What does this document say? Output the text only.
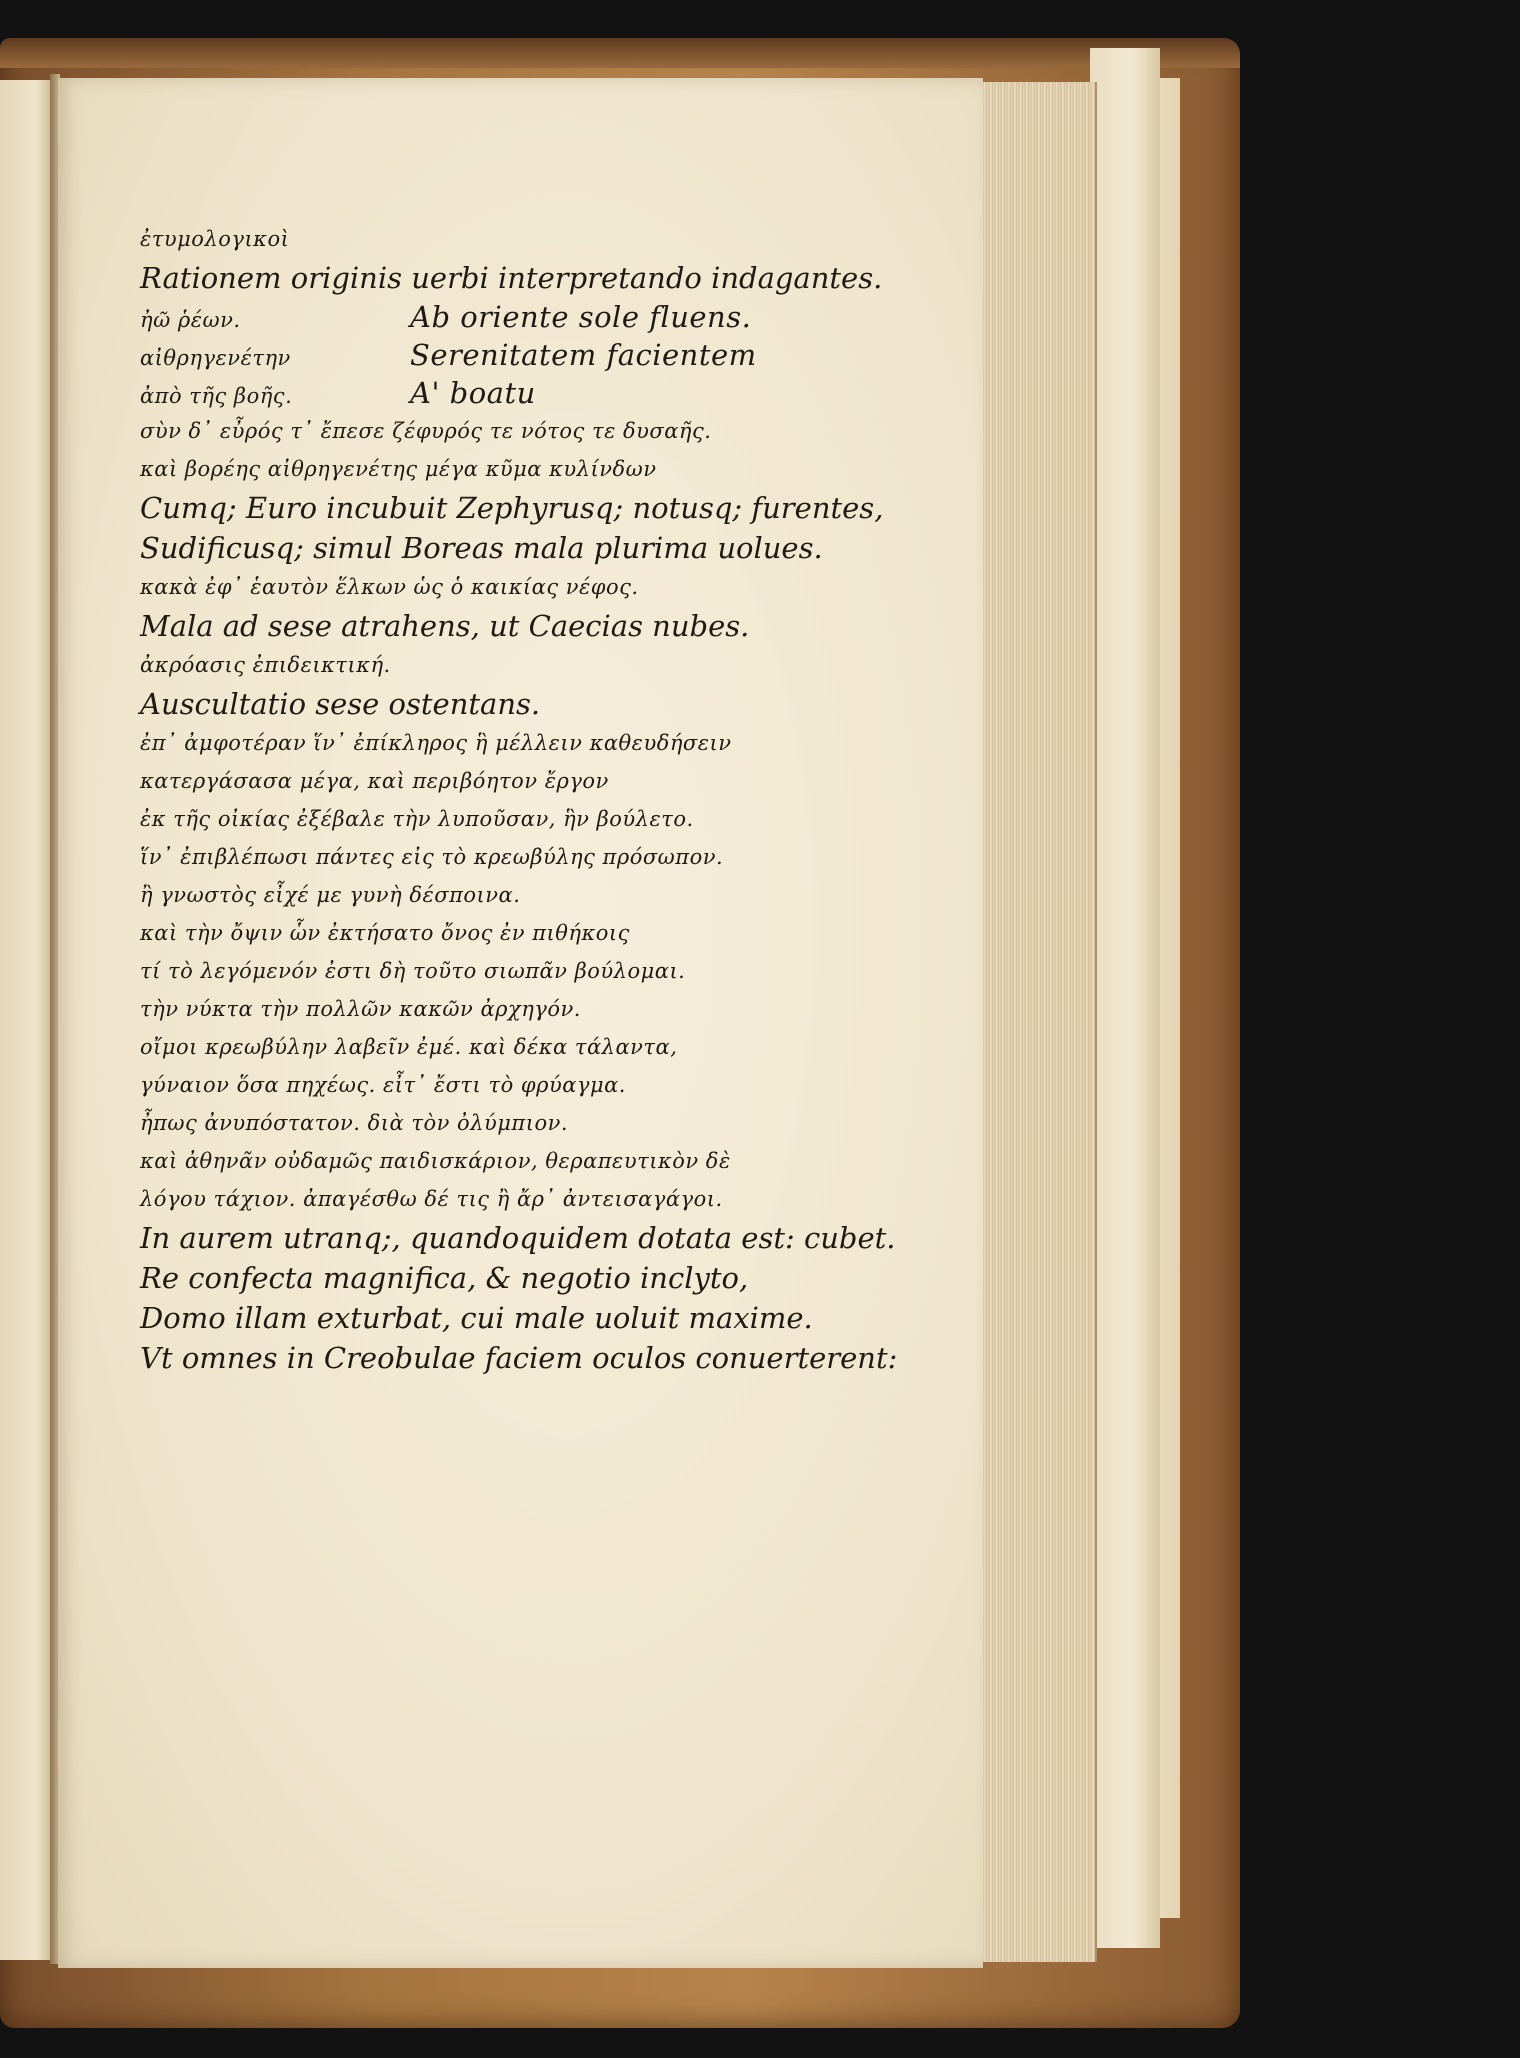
ἐτυμολογικοὶ
Rationem originis uerbi interpretando indagantes.
ἠῶ ῥέων.	Ab oriente sole fluens.
αἰθρηγενέτην	Serenitatem facientem
ἀπὸ τῆς βοῆς.	A' boatu
σὺν δ᾽ εὖρός τ᾽ ἔπεσε ζέφυρός τε νότος τε δυσαῆς.
καὶ βορέης αἰθρηγενέτης μέγα κῦμα κυλίνδων
Cumq; Euro incubuit Zephyrusq; notusq; furentes,
Sudificusq; simul Boreas mala plurima uolues.
κακὰ ἐφ᾽ ἑαυτὸν ἕλκων ὡς ὁ καικίας νέφος.
Mala ad sese atrahens, ut Caecias nubes.
ἀκρόασις ἐπιδεικτική.
Auscultatio sese ostentans.
ἐπ᾽ ἀμφοτέραν ἵν᾽ ἐπίκληρος ἣ μέλλειν καθευδήσειν
κατεργάσασα μέγα, καὶ περιβόητον ἔργον
ἐκ τῆς οἰκίας ἐξέβαλε τὴν λυποῦσαν, ἣν βούλετο.
ἵν᾽ ἐπιβλέπωσι πάντες εἰς τὸ κρεωβύλης πρόσωπον.
ἢ γνωστὸς εἶχέ με γυνὴ δέσποινα.
καὶ τὴν ὄψιν ὧν ἐκτήσατο ὄνος ἐν πιθήκοις
τί τὸ λεγόμενόν ἐστι δὴ τοῦτο σιωπᾶν βούλομαι.
τὴν νύκτα τὴν πολλῶν κακῶν ἀρχηγόν.
οἴμοι κρεωβύλην λαβεῖν ἐμέ. καὶ δέκα τάλαντα,
γύναιον ὅσα πηχέως. εἶτ᾽ ἔστι τὸ φρύαγμα.
ἦπως ἀνυπόστατον. διὰ τὸν ὀλύμπιον.
καὶ ἀθηνᾶν οὐδαμῶς παιδισκάριον, θεραπευτικὸν δὲ
λόγου τάχιον. ἀπαγέσθω δέ τις ἢ ἄρ᾽ ἀντεισαγάγοι.
In aurem utranq;, quandoquidem dotata est: cubet.
Re confecta magnifica, & negotio inclyto,
Domo illam exturbat, cui male uoluit maxime.
Vt omnes in Creobulae faciem oculos conuerterent:
